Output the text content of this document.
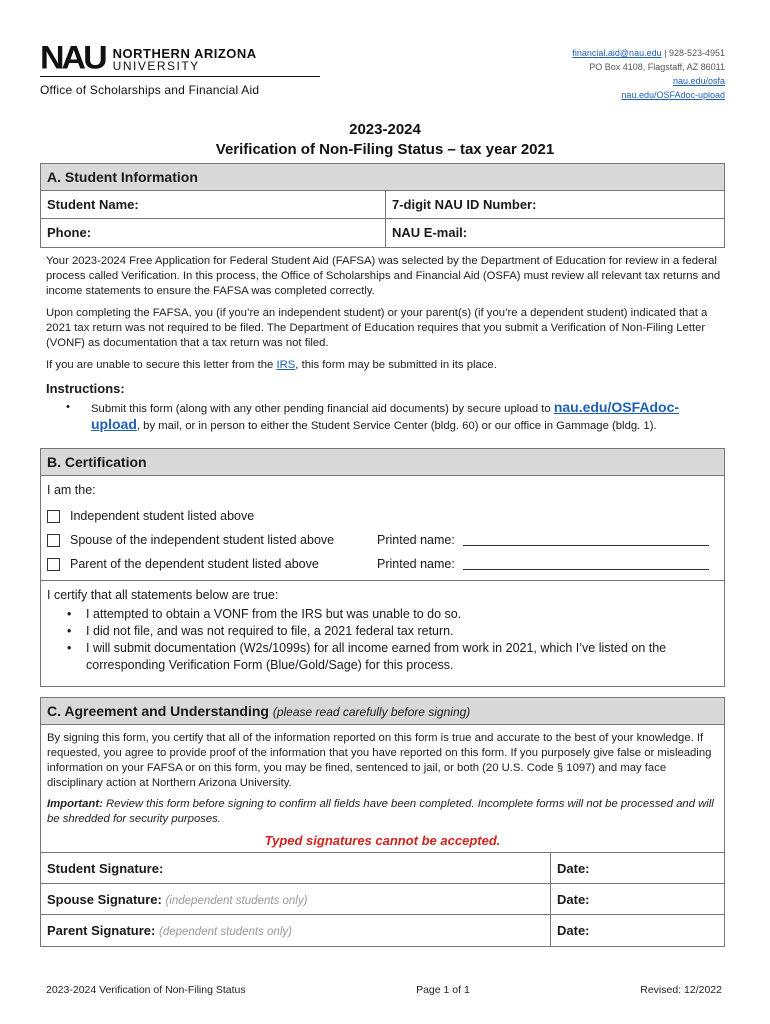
NAU NORTHERN ARIZONA
UNIVERSITY
Office of Scholarships and Financial Aid
financial.aid@nau.edu | 928-523-4951
PO Box 4108, Flagstaff, AZ 86011
nau.edu/osfa
nau.edu/OSFAdoc-upload
2023-2024
Verification of Non-Filing Status – tax year 2021
A. Student Information
Student Name:	7-digit NAU ID Number:
Phone:	NAU E-mail:
Your 2023-2024 Free Application for Federal Student Aid (FAFSA) was selected by the Department of Education for review in a federal process called Verification. In this process, the Office of Scholarships and Financial Aid (OSFA) must review all relevant tax returns and income statements to ensure the FAFSA was completed correctly.
Upon completing the FAFSA, you (if you’re an independent student) or your parent(s) (if you’re a dependent student) indicated that a 2021 tax return was not required to be filed. The Department of Education requires that you submit a Verification of Non-Filing Letter (VONF) as documentation that a tax return was not filed.
If you are unable to secure this letter from the IRS, this form may be submitted in its place.
Instructions:
•	Submit this form (along with any other pending financial aid documents) by secure upload to nau.edu/OSFAdoc-upload, by mail, or in person to either the Student Service Center (bldg. 60) or our office in Gammage (bldg. 1).
B. Certification
I am the:
Independent student listed above
Spouse of the independent student listed above	Printed name:
Parent of the dependent student listed above	Printed name:
I certify that all statements below are true:
•	I attempted to obtain a VONF from the IRS but was unable to do so.
•	I did not file, and was not required to file, a 2021 federal tax return.
•	I will submit documentation (W2s/1099s) for all income earned from work in 2021, which I’ve listed on the corresponding Verification Form (Blue/Gold/Sage) for this process.
C. Agreement and Understanding (please read carefully before signing)
By signing this form, you certify that all of the information reported on this form is true and accurate to the best of your knowledge. If requested, you agree to provide proof of the information that you have reported on this form. If you purposely give false or misleading information on your FAFSA or on this form, you may be fined, sentenced to jail, or both (20 U.S. Code § 1097) and may face disciplinary action at Northern Arizona University.
Important: Review this form before signing to confirm all fields have been completed. Incomplete forms will not be processed and will be shredded for security purposes.
Typed signatures cannot be accepted.
Student Signature:	Date:
Spouse Signature: (independent students only)	Date:
Parent Signature: (dependent students only)	Date:
2023-2024 Verification of Non-Filing Status	Page 1 of 1	Revised: 12/2022
